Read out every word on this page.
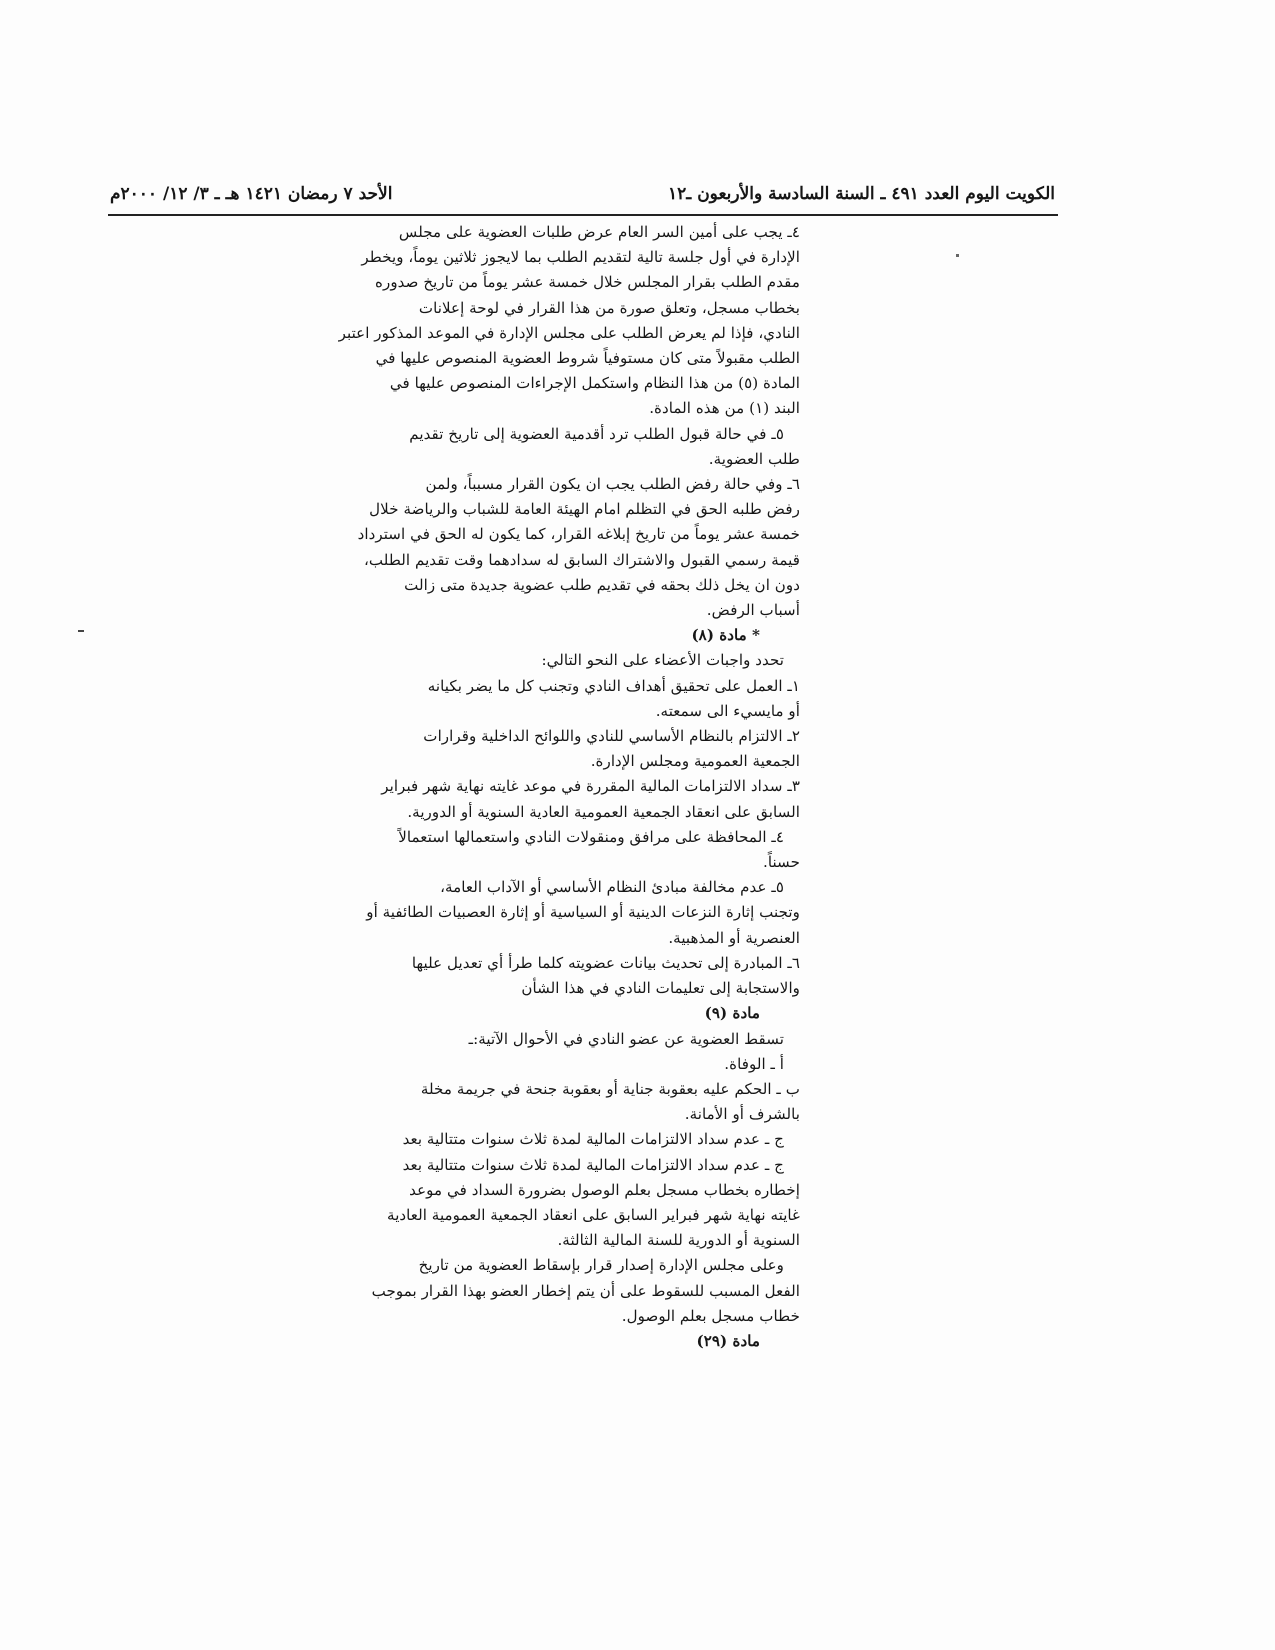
الكويت اليوم العدد ٤٩١ ـ السنة السادسة والأربعون ـ١٢
الأحد ٧ رمضان ١٤٢١ هـ ـ ٣/ ١٢/ ٢٠٠٠م
٤ـ يجب على أمين السر العام عرض طلبات العضوية على مجلس
الإدارة في أول جلسة تالية لتقديم الطلب بما لايجوز ثلاثين يوماً، ويخطر
مقدم الطلب بقرار المجلس خلال خمسة عشر يوماً من تاريخ صدوره
بخطاب مسجل، وتعلق صورة من هذا القرار في لوحة إعلانات
النادي، فإذا لم يعرض الطلب على مجلس الإدارة في الموعد المذكور اعتبر
الطلب مقبولاً متى كان مستوفياً شروط العضوية المنصوص عليها في
المادة (٥) من هذا النظام واستكمل الإجراءات المنصوص عليها في
البند (١) من هذه المادة.
٥ـ في حالة قبول الطلب ترد أقدمية العضوية إلى تاريخ تقديم
طلب العضوية.
٦ـ وفي حالة رفض الطلب يجب ان يكون القرار مسبباً، ولمن
رفض طلبه الحق في التظلم امام الهيئة العامة للشباب والرياضة خلال
خمسة عشر يوماً من تاريخ إبلاغه القرار، كما يكون له الحق في استرداد
قيمة رسمي القبول والاشتراك السابق له سدادهما وقت تقديم الطلب،
دون ان يخل ذلك بحقه في تقديم طلب عضوية جديدة متى زالت
أسباب الرفض.
* مادة (٨)
تحدد واجبات الأعضاء على النحو التالي:
١ـ العمل على تحقيق أهداف النادي وتجنب كل ما يضر بكيانه
أو مايسيء الى سمعته.
٢ـ الالتزام بالنظام الأساسي للنادي واللوائح الداخلية وقرارات
الجمعية العمومية ومجلس الإدارة.
٣ـ سداد الالتزامات المالية المقررة في موعد غايته نهاية شهر فبراير
السابق على انعقاد الجمعية العمومية العادية السنوية أو الدورية.
٤ـ المحافظة على مرافق ومنقولات النادي واستعمالها استعمالاً
حسناً.
٥ـ عدم مخالفة مبادئ النظام الأساسي أو الآداب العامة،
وتجنب إثارة النزعات الدينية أو السياسية أو إثارة العصبيات الطائفية أو
العنصرية أو المذهبية.
٦ـ المبادرة إلى تحديث بيانات عضويته كلما طرأ أي تعديل عليها
والاستجابة إلى تعليمات النادي في هذا الشأن
مادة (٩)
تسقط العضوية عن عضو النادي في الأحوال الآتية:ـ
أ ـ الوفاة.
ب ـ الحكم عليه بعقوبة جناية أو بعقوبة جنحة في جريمة مخلة
بالشرف أو الأمانة.
ج ـ عدم سداد الالتزامات المالية لمدة ثلاث سنوات متتالية بعد
ج ـ عدم سداد الالتزامات المالية لمدة ثلاث سنوات متتالية بعد
إخطاره بخطاب مسجل بعلم الوصول بضرورة السداد في موعد
غايته نهاية شهر فبراير السابق على انعقاد الجمعية العمومية العادية
السنوية أو الدورية للسنة المالية الثالثة.
وعلى مجلس الإدارة إصدار قرار بإسقاط العضوية من تاريخ
الفعل المسبب للسقوط على أن يتم إخطار العضو بهذا القرار بموجب
خطاب مسجل بعلم الوصول.
مادة (٢٩)
